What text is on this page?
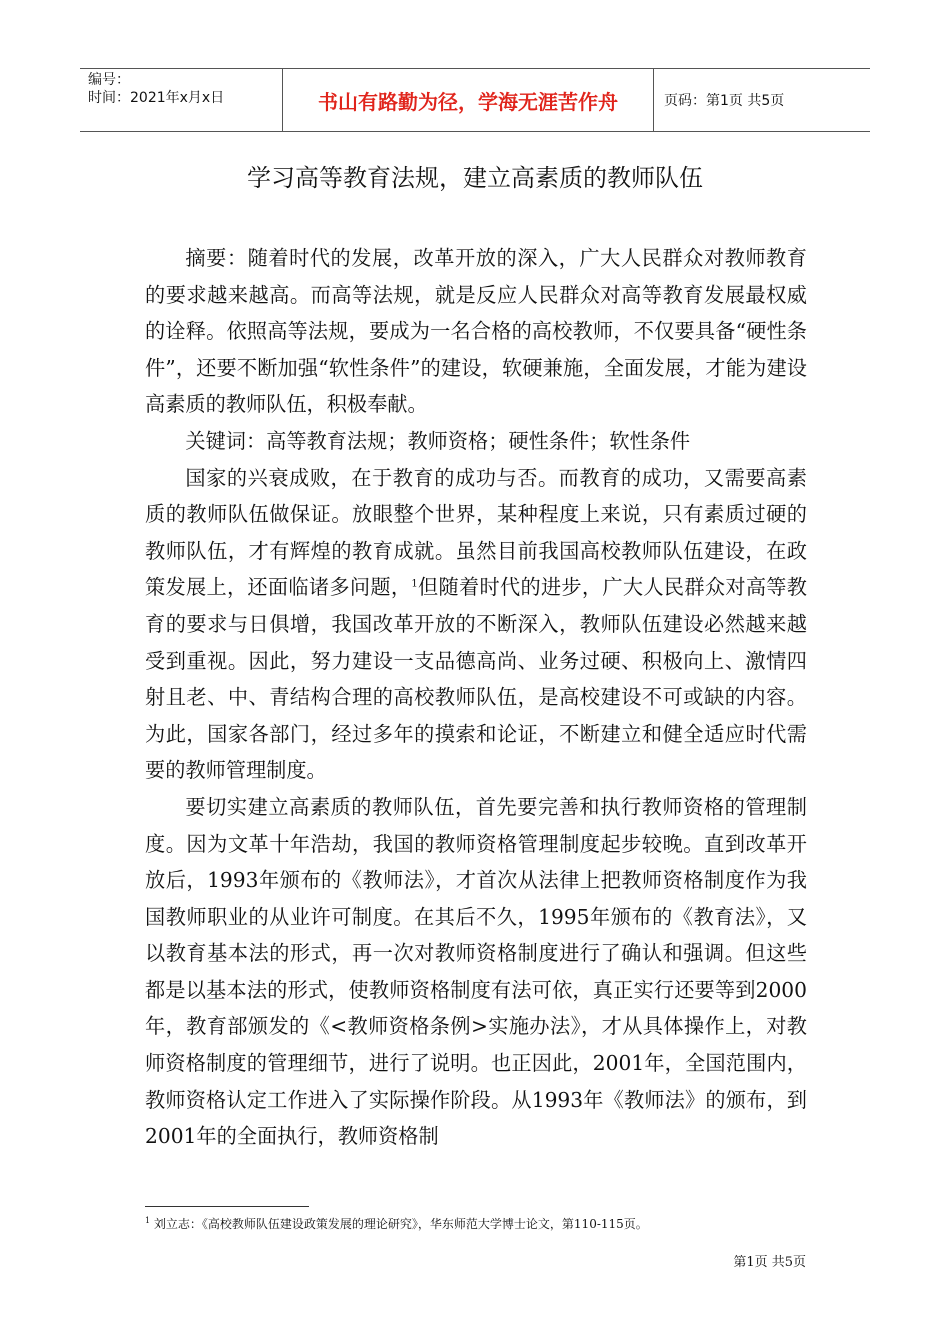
编号：
时间：2021年x月x日	书山有路勤为径，学海无涯苦作舟	页码：第1页 共5页
学习高等教育法规，建立高素质的教师队伍

摘要：随着时代的发展，改革开放的深入，广大人民群众对教师教育的要求越来越高。而高等法规，就是反应人民群众对高等教育发展最权威的诠释。依照高等法规，要成为一名合格的高校教师，不仅要具备“硬性条件”，还要不断加强“软性条件”的建设，软硬兼施，全面发展，才能为建设高素质的教师队伍，积极奉献。

关键词：高等教育法规；教师资格；硬性条件；软性条件

国家的兴衰成败，在于教育的成功与否。而教育的成功，又需要高素质的教师队伍做保证。放眼整个世界，某种程度上来说，只有素质过硬的教师队伍，才有辉煌的教育成就。虽然目前我国高校教师队伍建设，在政策发展上，还面临诸多问题，$^1$但随着时代的进步，广大人民群众对高等教育的要求与日俱增，我国改革开放的不断深入，教师队伍建设必然越来越受到重视。因此，努力建设一支品德高尚、业务过硬、积极向上、激情四射且老、中、青结构合理的高校教师队伍，是高校建设不可或缺的内容。为此，国家各部门，经过多年的摸索和论证，不断建立和健全适应时代需要的教师管理制度。

要切实建立高素质的教师队伍，首先要完善和执行教师资格的管理制度。因为文革十年浩劫，我国的教师资格管理制度起步较晚。直到改革开放后，1993年颁布的《教师法》，才首次从法律上把教师资格制度作为我国教师职业的从业许可制度。在其后不久，1995年颁布的《教育法》，又以教育基本法的形式，再一次对教师资格制度进行了确认和强调。但这些都是以基本法的形式，使教师资格制度有法可依，真正实行还要等到2000年，教育部颁发的《<教师资格条例>实施办法》，才从具体操作上，对教师资格制度的管理细节，进行了说明。也正因此，2001年，全国范围内，教师资格认定工作进入了实际操作阶段。从1993年《教师法》的颁布，到2001年的全面执行，教师资格制

$^1$ 刘立志：《高校教师队伍建设政策发展的理论研究》，华东师范大学博士论文，第110-115页。
第1页 共5页
